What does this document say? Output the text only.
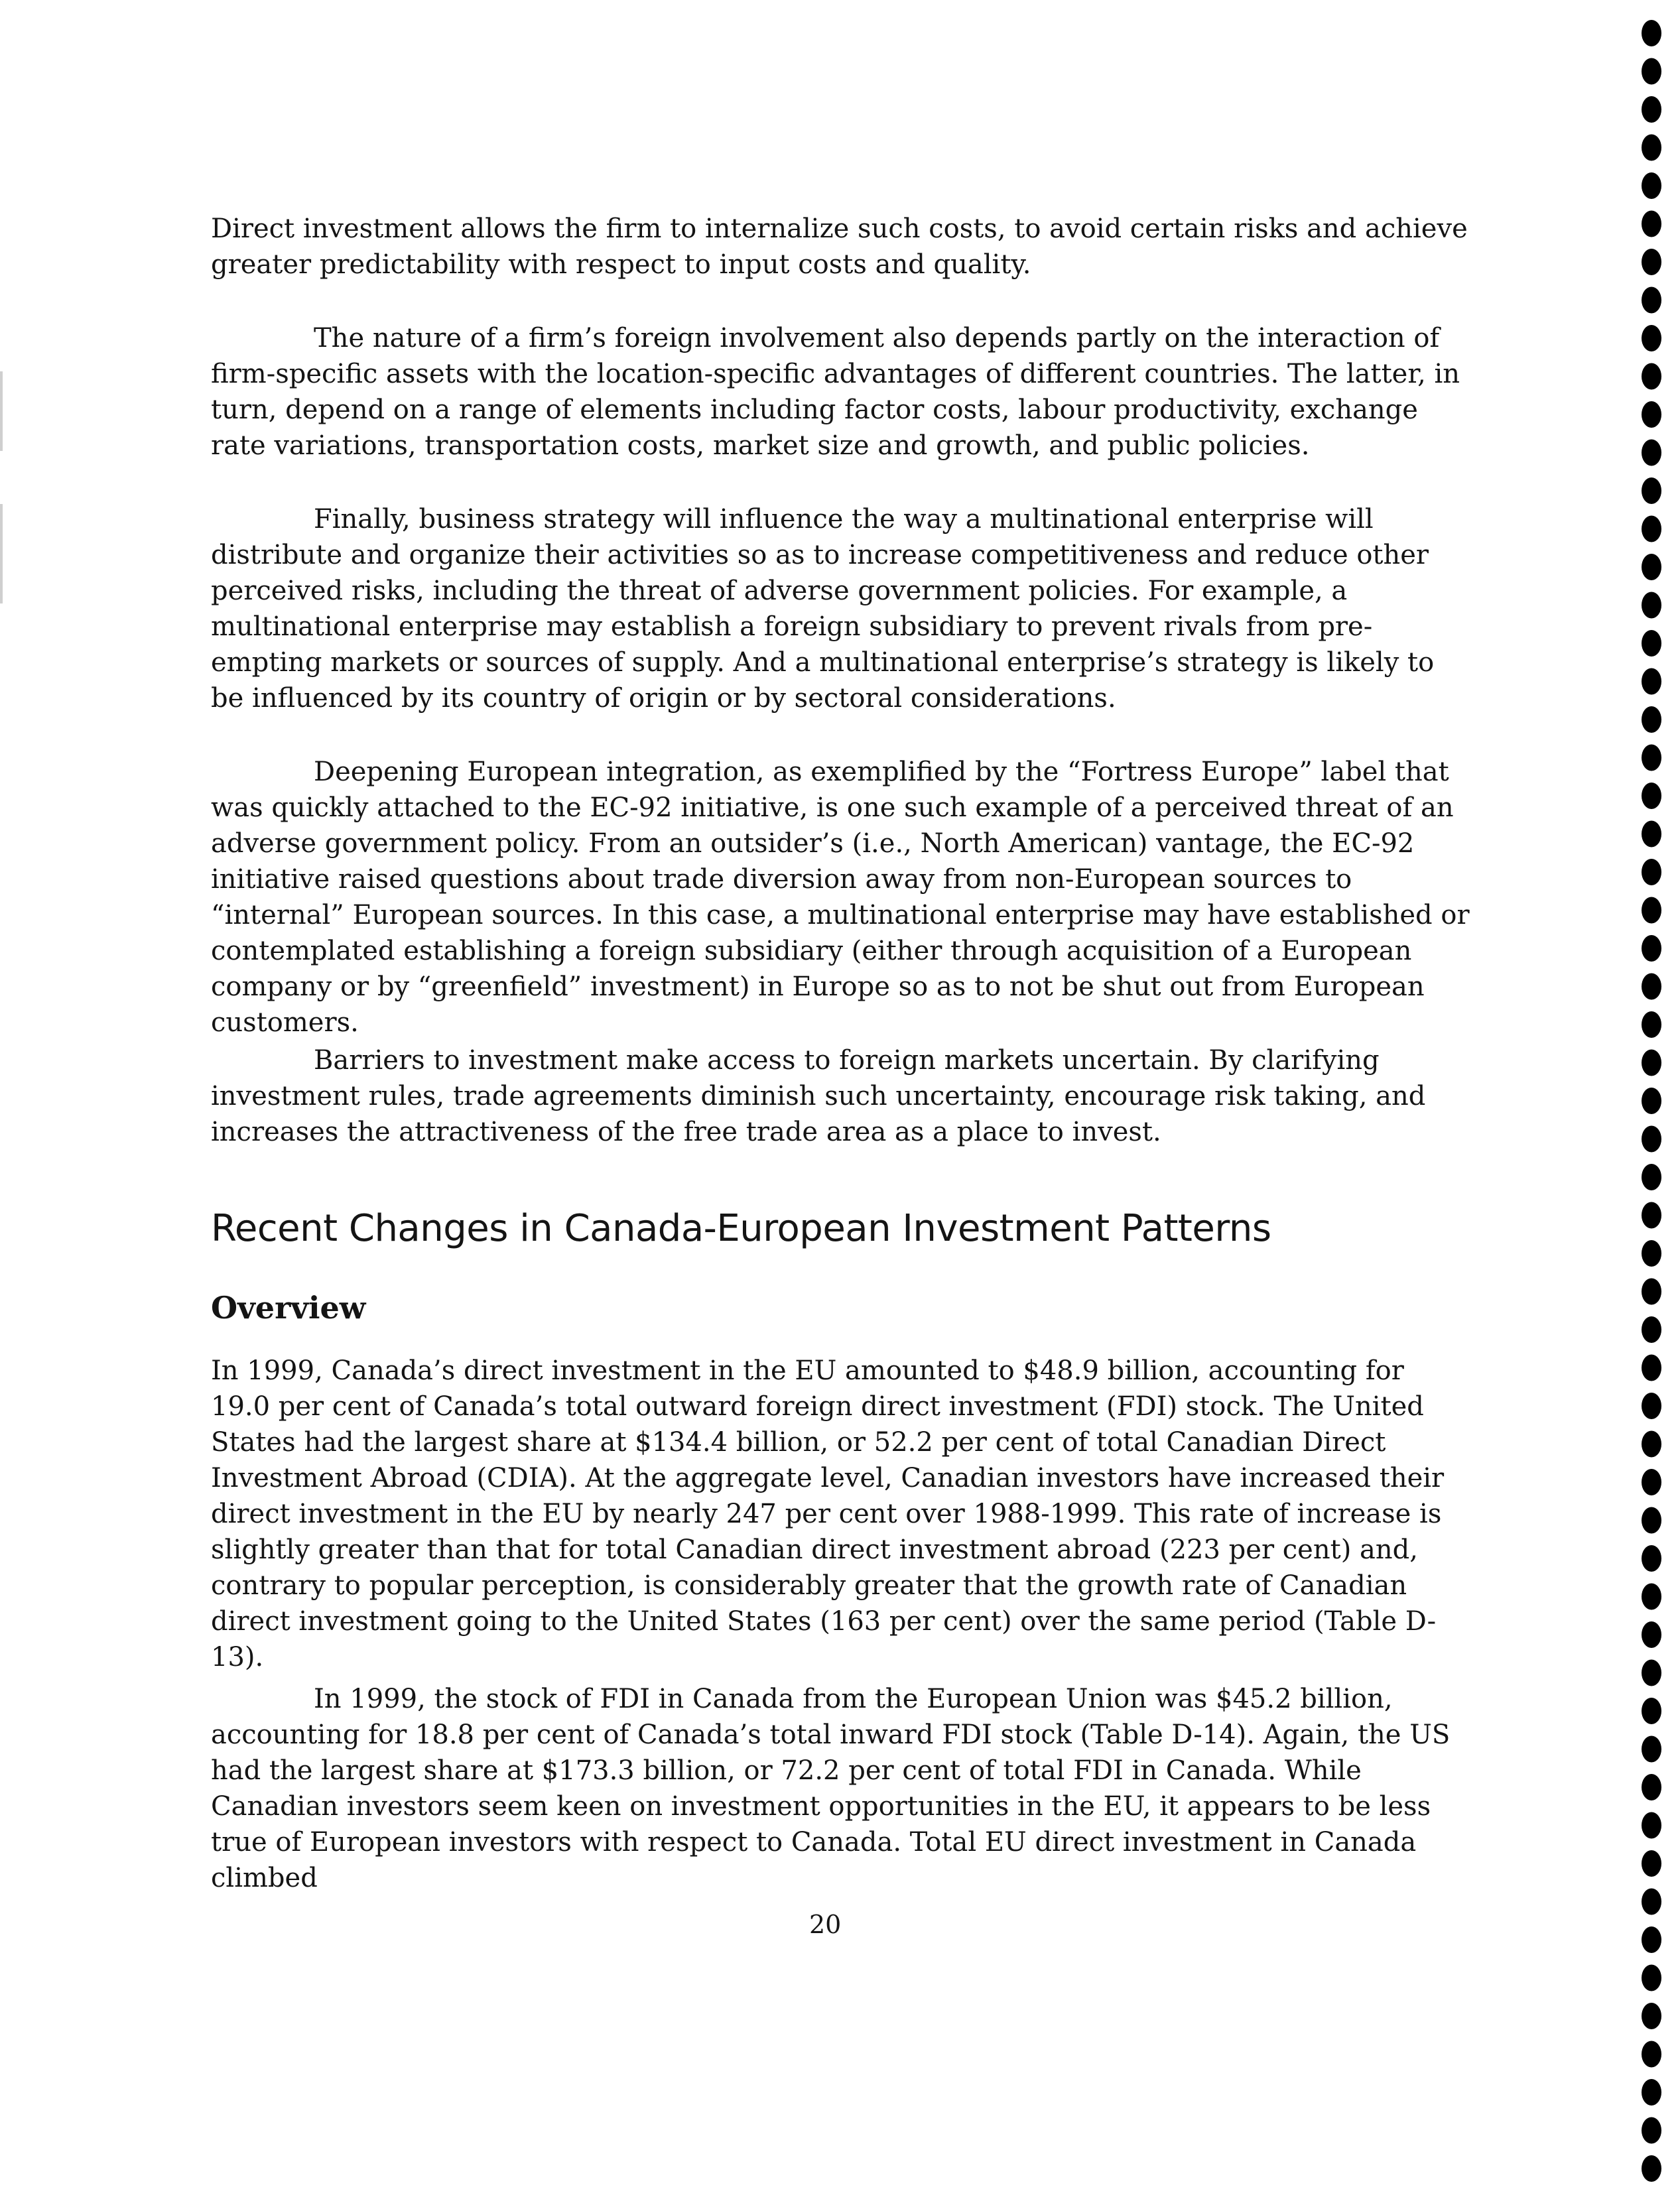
Direct investment allows the firm to internalize such costs, to avoid certain risks and achieve greater predictability with respect to input costs and quality.

The nature of a firm’s foreign involvement also depends partly on the interaction of firm-specific assets with the location-specific advantages of different countries. The latter, in turn, depend on a range of elements including factor costs, labour productivity, exchange rate variations, transportation costs, market size and growth, and public policies.

Finally, business strategy will influence the way a multinational enterprise will distribute and organize their activities so as to increase competitiveness and reduce other perceived risks, including the threat of adverse government policies. For example, a multinational enterprise may establish a foreign subsidiary to prevent rivals from pre-empting markets or sources of supply. And a multinational enterprise’s strategy is likely to be influenced by its country of origin or by sectoral considerations.

Deepening European integration, as exemplified by the “Fortress Europe” label that was quickly attached to the EC-92 initiative, is one such example of a perceived threat of an adverse government policy. From an outsider’s (i.e., North American) vantage, the EC-92 initiative raised questions about trade diversion away from non-European sources to “internal” European sources. In this case, a multinational enterprise may have established or contemplated establishing a foreign subsidiary (either through acquisition of a European company or by “greenfield” investment) in Europe so as to not be shut out from European customers.

Barriers to investment make access to foreign markets uncertain. By clarifying investment rules, trade agreements diminish such uncertainty, encourage risk taking, and increases the attractiveness of the free trade area as a place to invest.

Recent Changes in Canada-European Investment Patterns
Overview

In 1999, Canada’s direct investment in the EU amounted to $48.9 billion, accounting for 19.0 per cent of Canada’s total outward foreign direct investment (FDI) stock. The United States had the largest share at $134.4 billion, or 52.2 per cent of total Canadian Direct Investment Abroad (CDIA). At the aggregate level, Canadian investors have increased their direct investment in the EU by nearly 247 per cent over 1988-1999. This rate of increase is slightly greater than that for total Canadian direct investment abroad (223 per cent) and, contrary to popular perception, is considerably greater that the growth rate of Canadian direct investment going to the United States (163 per cent) over the same period (Table D-13).

In 1999, the stock of FDI in Canada from the European Union was $45.2 billion, accounting for 18.8 per cent of Canada’s total inward FDI stock (Table D-14). Again, the US had the largest share at $173.3 billion, or 72.2 per cent of total FDI in Canada. While Canadian investors seem keen on investment opportunities in the EU, it appears to be less true of European investors with respect to Canada. Total EU direct investment in Canada climbed

20
